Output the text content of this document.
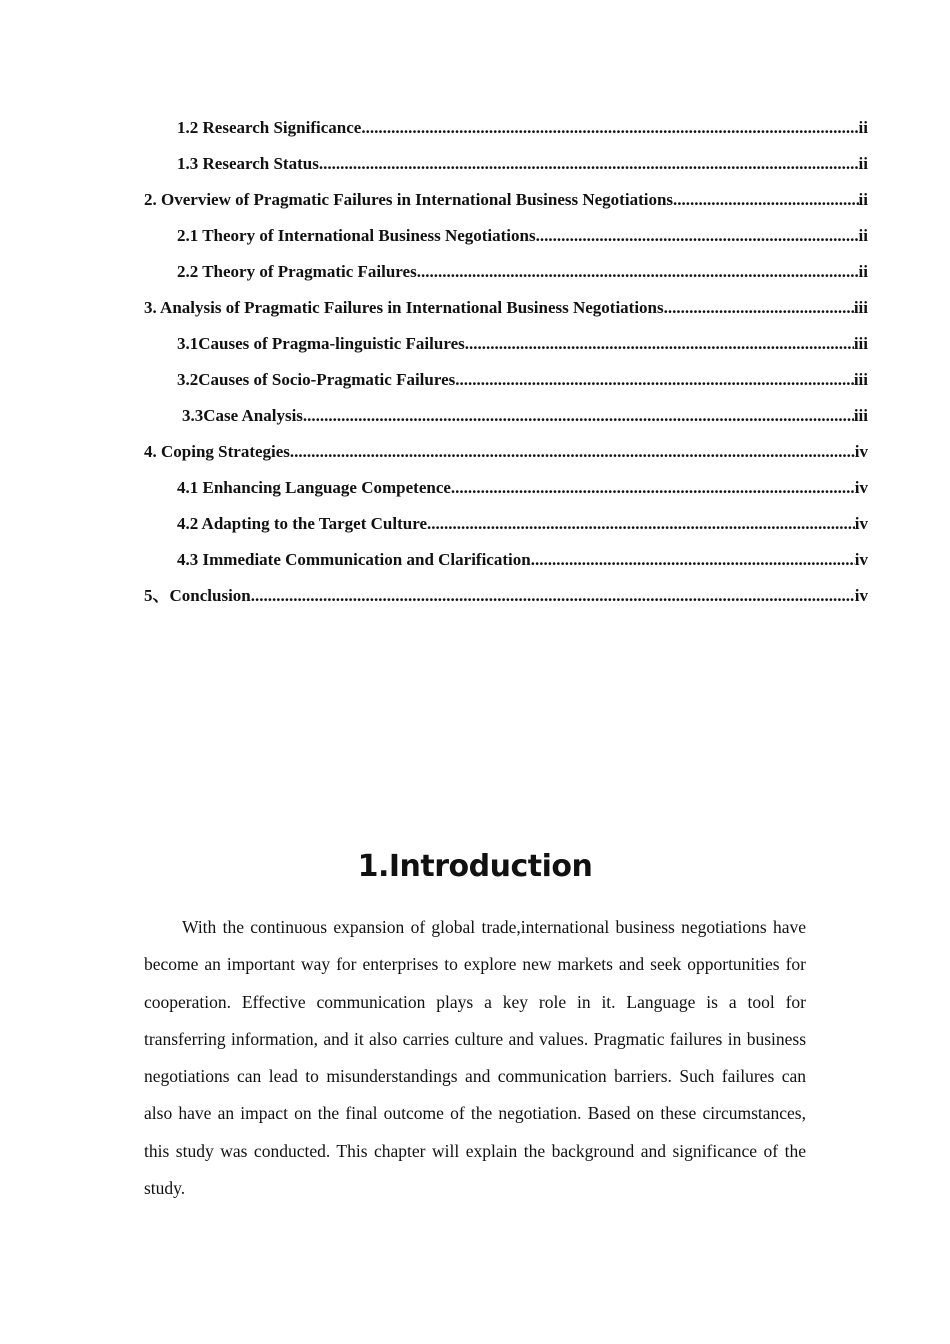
1.2 Research Significance .....	ii
1.3 Research Status .....	ii
2. Overview of Pragmatic Failures in International Business Negotiations .....	ii
2.1 Theory of International Business Negotiations .....	ii
2.2 Theory of Pragmatic Failures .....	ii
3. Analysis of Pragmatic Failures in International Business Negotiations .....	iii
3.1Causes of Pragma-linguistic Failures .....	iii
3.2Causes of Socio-Pragmatic Failures .....	iii
3.3Case Analysis .....	iii
4. Coping Strategies .....	iv
4.1 Enhancing Language Competence .....	iv
4.2 Adapting to the Target Culture .....	iv
4.3 Immediate Communication and Clarification .....	iv
5、Conclusion .....	iv
1.Introduction

With the continuous expansion of global trade,international business negotiations have become an important way for enterprises to explore new markets and seek opportunities for cooperation. Effective communication plays a key role in it. Language is a tool for transferring information, and it also carries culture and values. Pragmatic failures in business negotiations can lead to misunderstandings and communication barriers. Such failures can also have an impact on the final outcome of the negotiation. Based on these circumstances, this study was conducted. This chapter will explain the background and significance of the study.
